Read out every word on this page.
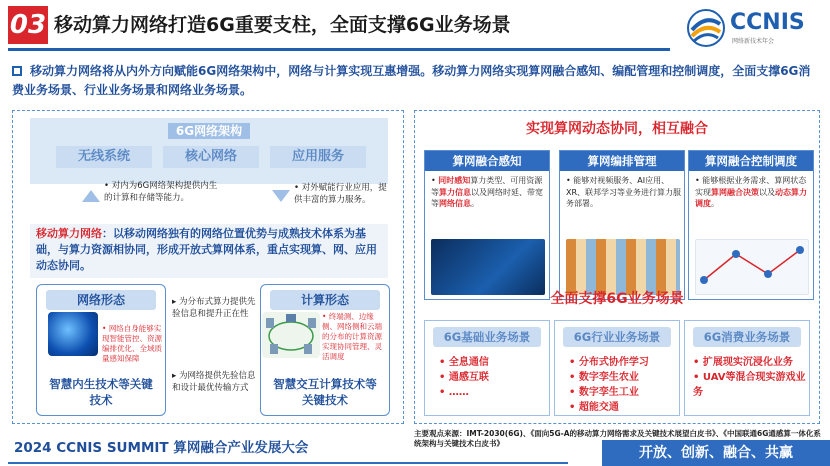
03 移动算力网络打造6G重要支柱，全面支撑6G业务场景	CCNIS
网络新技术年会
移动算力网络将从内外方向赋能6G网络架构中，网络与计算实现互惠增强。移动算力网络实现算网融合感知、编配管理和控制调度，全面支撑6G消费业务场景、行业业务场景和网络业务场景。
6G网络架构
无线系统	核心网络	应用服务
• 对内为6G网络架构提供内生的计算和存储等能力。
• 对外赋能行业应用，提供丰富的算力服务。
移动算力网络：以移动网络独有的网络位置优势与成熟技术体系为基础，与算力资源相协同，形成开放式算网体系，重点实现算、网、应用动态协同。
网络形态
• 网络自身能够实现智能管控、资源编排优化、全域质量感知保障
智慧内生技术等关键技术
▸ 为分布式算力提供先验信息和提升正在性
▸ 为网络提供先验信息和设计最优传输方式
计算形态
• 终端测、边缘侧、网络侧和云端的分布的计算资源实现协同管理、灵活调度
智慧交互计算技术等关键技术
实现算网动态协同，相互融合
算网融合感知
• 同时感知算力类型、可用资源等算力信息以及网络时延、带宽等网络信息。
算网编排管理
• 能够对视频服务、AI应用、XR、联邦学习等业务进行算力服务部署。
算网融合控制调度
• 能够根据业务需求、算网状态实现算网融合决策以及动态算力调度。
全面支撑6G业务场景
6G基础业务场景
• 全息通信
• 通感互联
• ……
6G行业业务场景
• 分布式协作学习
• 数字孪生农业
• 数字孪生工业
• 超能交通
6G消费业务场景
• 扩展现实沉浸化业务
• UAV等混合现实游戏业务
2024 CCNIS SUMMIT 算网融合产业发展大会
主要观点来源：IMT-2030(6G)、《面向5G-A的移动算力网络需求及关键技术展望白皮书》、《中国联通6G通感算一体化系统架构与关键技术白皮书》
开放、创新、融合、共赢
